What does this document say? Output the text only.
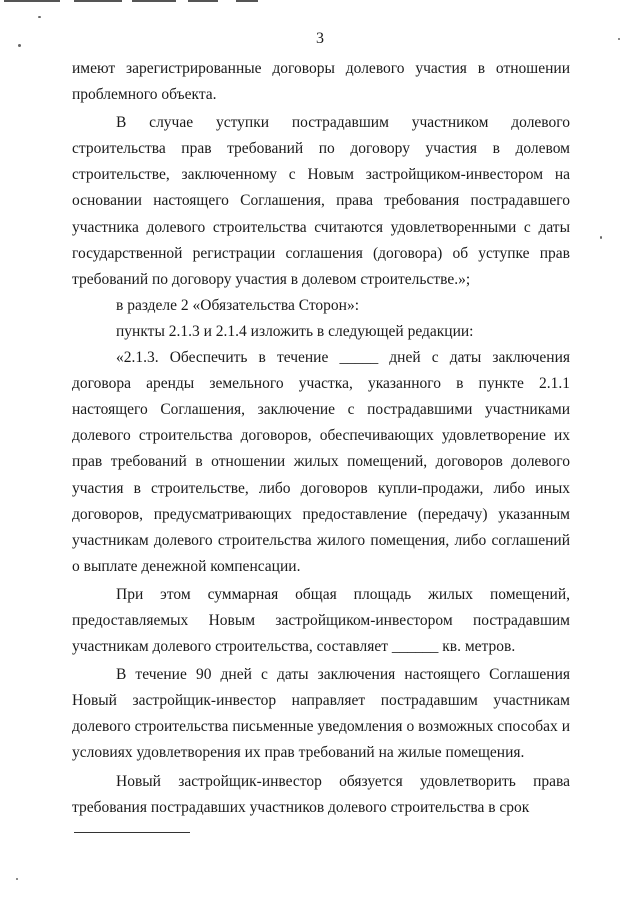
3

имеют зарегистрированные договоры долевого участия в отношении проблемного объекта.

В случае уступки пострадавшим участником долевого строительства прав требований по договору участия в долевом строительстве, заключенному с Новым застройщиком-инвестором на основании настоящего Соглашения, права требования пострадавшего участника долевого строительства считаются удовлетворенными с даты государственной регистрации соглашения (договора) об уступке прав требований по договору участия в долевом строительстве.»;

в разделе 2 «Обязательства Сторон»:

пункты 2.1.3 и 2.1.4 изложить в следующей редакции:

«2.1.3. Обеспечить в течение _____ дней с даты заключения договора аренды земельного участка, указанного в пункте 2.1.1 настоящего Соглашения, заключение с пострадавшими участниками долевого строительства договоров, обеспечивающих удовлетворение их прав требований в отношении жилых помещений, договоров долевого участия в строительстве, либо договоров купли-продажи, либо иных договоров, предусматривающих предоставление (передачу) указанным участникам долевого строительства жилого помещения, либо соглашений о выплате денежной компенсации.

При этом суммарная общая площадь жилых помещений, предоставляемых Новым застройщиком-инвестором пострадавшим участникам долевого строительства, составляет ______ кв. метров.

В течение 90 дней с даты заключения настоящего Соглашения Новый застройщик-инвестор направляет пострадавшим участникам долевого строительства письменные уведомления о возможных способах и условиях удовлетворения их прав требований на жилые помещения.

Новый застройщик-инвестор обязуется удовлетворить права требования пострадавших участников долевого строительства в срок
